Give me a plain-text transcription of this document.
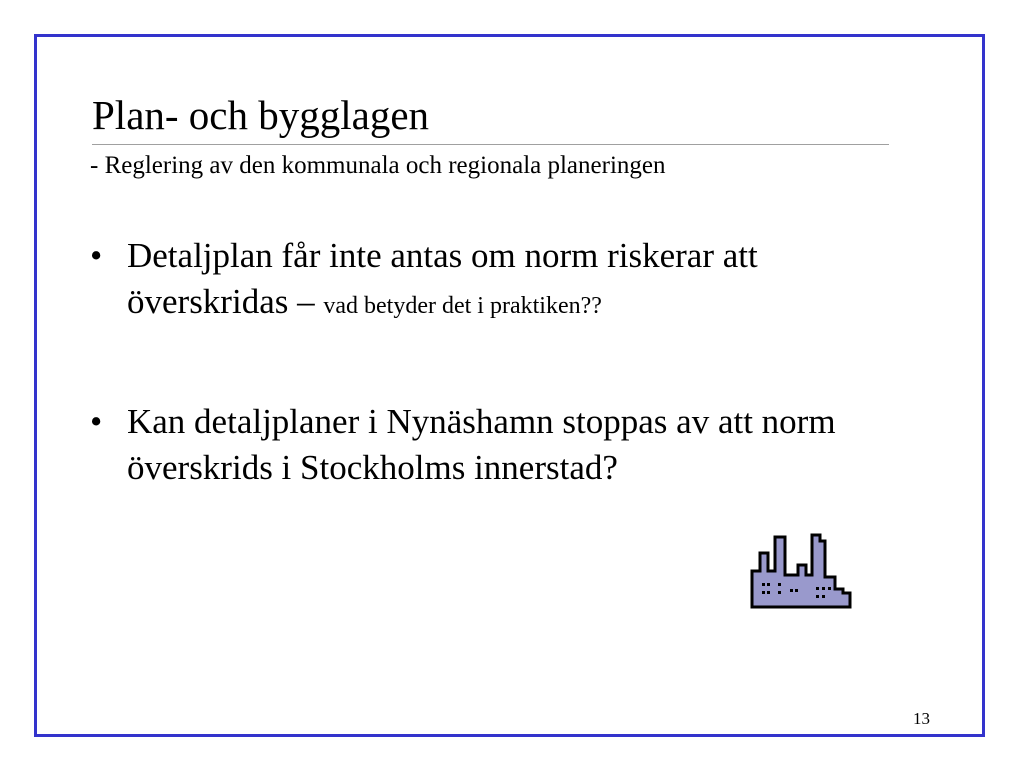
Plan- och bygglagen
- Reglering av den kommunala och regionala planeringen
• Detaljplan får inte antas om norm riskerar att överskridas – vad betyder det i praktiken??
• Kan detaljplaner i Nynäshamn stoppas av att norm överskrids i Stockholms innerstad?
13
